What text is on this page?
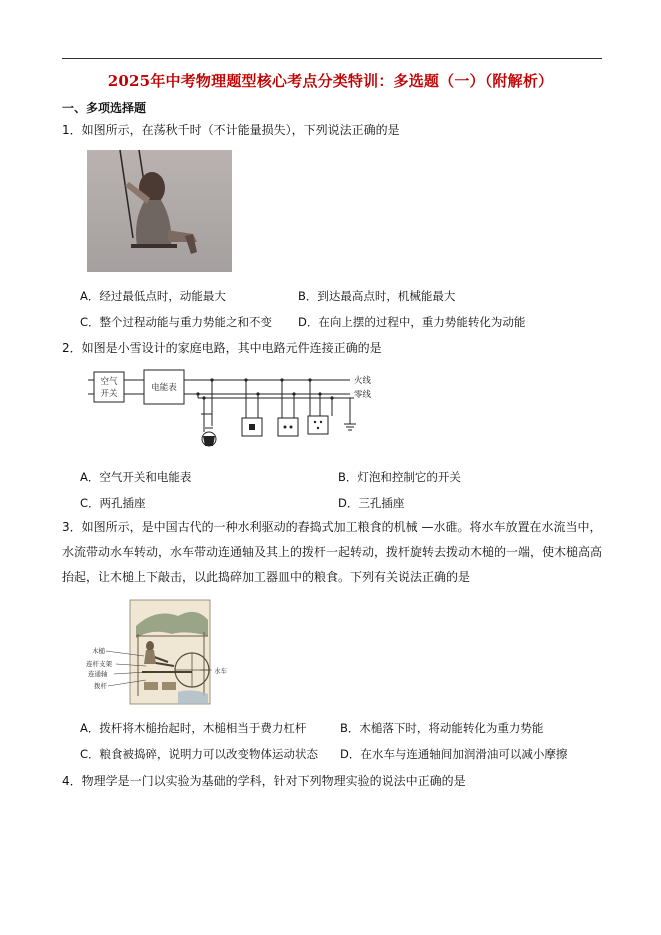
2025年中考物理题型核心考点分类特训：多选题（一）（附解析）
一、多项选择题
1．如图所示，在荡秋千时（不计能量损失），下列说法正确的是
A．经过最低点时，动能最大	B．到达最高点时，机械能最大
C．整个过程动能与重力势能之和不变 D．在向上摆的过程中，重力势能转化为动能
2．如图是小雪设计的家庭电路，其中电路元件连接正确的是
空气
开关
电能表
火线
零线
A．空气开关和电能表	B．灯泡和控制它的开关
C．两孔插座	D．三孔插座
3．如图所示，是中国古代的一种水利驱动的舂捣式加工粮食的机械 —水碓。将水车放置在水流当中，水流带动水车转动，水车带动连通轴及其上的拨杆一起转动，拨杆旋转去拨动木槌的一端，使木槌高高抬起，让木槌上下敲击，以此捣碎加工器皿中的粮食。下列有关说法正确的是
木槌
连杆支架
连通轴
拨杆
水车
A．拨杆将木槌抬起时，木槌相当于费力杠杆	B．木槌落下时，将动能转化为重力势能
C．粮食被捣碎，说明力可以改变物体运动状态 D．在水车与连通轴间加润滑油可以减小摩擦
4．物理学是一门以实验为基础的学科，针对下列物理实验的说法中正确的是
